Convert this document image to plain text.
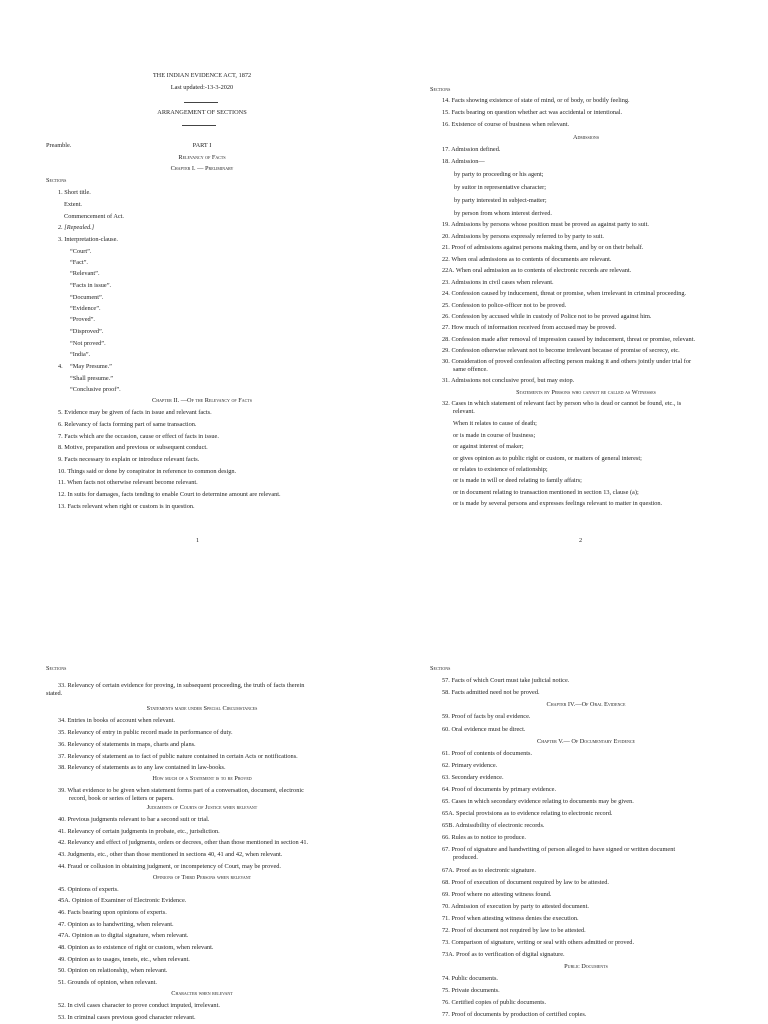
THE INDIAN EVIDENCE ACT, 1872
Last updated:-13-3-2020
ARRANGEMENT OF SECTIONS
Preamble.	PART I
Relevancy of Facts
Chapter I. — Preliminary
Sections
1. Short title.
Extent.
Commencement of Act.
2. [Repealed.]
3. Interpretation-clause.
“Court”.
“Fact”.
“Relevant”.
“Facts in issue”.
“Document”.
“Evidence”.
“Proved”.
“Disproved”.
“Not proved”.
“India”.
4. “May Presume.”
“Shall presume.”
“Conclusive proof”.
Chapter II. —Of the Relevancy of Facts
5. Evidence may be given of facts in issue and relevant facts.
6. Relevancy of facts forming part of same transaction.
7. Facts which are the occasion, cause or effect of facts in issue.
8. Motive, preparation and previous or subsequent conduct.
9. Facts necessary to explain or introduce relevant facts.
10. Things said or done by conspirator in reference to common design.
11. When facts not otherwise relevant become relevant.
12. In suits for damages, facts tending to enable Court to determine amount are relevant.
13. Facts relevant when right or custom is in question.
1
Sections
14. Facts showing existence of state of mind, or of body, or bodily feeling.
15. Facts bearing on question whether act was accidental or intentional.
16. Existence of course of business when relevant.
Admissions
17. Admission defined.
18. Admission—
by party to proceeding or his agent;
by suitor in representative character;
by party interested in subject-matter;
by person from whom interest derived.
19. Admissions by persons whose position must be proved as against party to suit.
20. Admissions by persons expressly referred to by party to suit.
21. Proof of admissions against persons making them, and by or on their behalf.
22. When oral admissions as to contents of documents are relevant.
22A. When oral admission as to contents of electronic records are relevant.
23. Admissions in civil cases when relevant.
24. Confession caused by inducement, threat or promise, when irrelevant in criminal proceeding.
25. Confession to police-officer not to be proved.
26. Confession by accused while in custody of Police not to be proved against him.
27. How much of information received from accused may be proved.
28. Confession made after removal of impression caused by inducement, threat or promise, relevant.
29. Confession otherwise relevant not to become irrelevant because of promise of secrecy, etc.
30. Consideration of proved confession affecting person making it and others jointly under trial for
same offence.
31. Admissions not conclusive proof, but may estop.
Statements by Persons who cannot be called as Witnesses
32. Cases in which statement of relevant fact by person who is dead or cannot be found, etc., is
relevant.
When it relates to cause of death;
or is made in course of business;
or against interest of maker;
or gives opinion as to public right or custom, or matters of general interest;
or relates to existence of relationship;
or is made in will or deed relating to family affairs;
or in document relating to transaction mentioned in section 13, clause (a);
or is made by several persons and expresses feelings relevant to matter in question.
2
Sections
33. Relevancy of certain evidence for proving, in subsequent proceeding, the truth of facts therein
stated.
Statements made under Special Circumstances
34. Entries in books of account when relevant.
35. Relevancy of entry in public record made in performance of duty.
36. Relevancy of statements in maps, charts and plans.
37. Relevancy of statement as to fact of public nature contained in certain Acts or notifications.
38. Relevancy of statements as to any law contained in law-books.
How much of a Statement is to be Proved
39. What evidence to be given when statement forms part of a conversation, document, electronic
record, book or series of letters or papers.
Judgments of Courts of Justice when relevant
40. Previous judgments relevant to bar a second suit or trial.
41. Relevancy of certain judgments in probate, etc., jurisdiction.
42. Relevancy and effect of judgments, orders or decrees, other than those mentioned in section 41.
43. Judgments, etc., other than those mentioned in sections 40, 41 and 42, when relevant.
44. Fraud or collusion in obtaining judgment, or incompetency of Court, may be proved.
Opinions of Third Persons when relevant
45. Opinions of experts.
45A. Opinion of Examiner of Electronic Evidence.
46. Facts bearing upon opinions of experts.
47. Opinion as to handwriting, when relevant.
47A. Opinion as to digital signature, when relevant.
48. Opinion as to existence of right or custom, when relevant.
49. Opinion as to usages, tenets, etc., when relevant.
50. Opinion on relationship, when relevant.
51. Grounds of opinion, when relevant.
Character when relevant
52. In civil cases character to prove conduct imputed, irrelevant.
53. In criminal cases previous good character relevant.
Sections
57. Facts of which Court must take judicial notice.
58. Facts admitted need not be proved.
Chapter IV.—Of Oral Evidence
59. Proof of facts by oral evidence.
60. Oral evidence must be direct.
Chapter V.— Of Documentary Evidence
61. Proof of contents of documents.
62. Primary evidence.
63. Secondary evidence.
64. Proof of documents by primary evidence.
65. Cases in which secondary evidence relating to documents may be given.
65A. Special provisions as to evidence relating to electronic record.
65B. Admissibility of electronic records.
66. Rules as to notice to produce.
67. Proof of signature and handwriting of person alleged to have signed or written document
produced.
67A. Proof as to electronic signature.
68. Proof of execution of document required by law to be attested.
69. Proof where no attesting witness found.
70. Admission of execution by party to attested document.
71. Proof when attesting witness denies the execution.
72. Proof of document not required by law to be attested.
73. Comparison of signature, writing or seal with others admitted or proved.
73A. Proof as to verification of digital signature.
Public Documents
74. Public documents.
75. Private documents.
76. Certified copies of public documents.
77. Proof of documents by production of certified copies.
